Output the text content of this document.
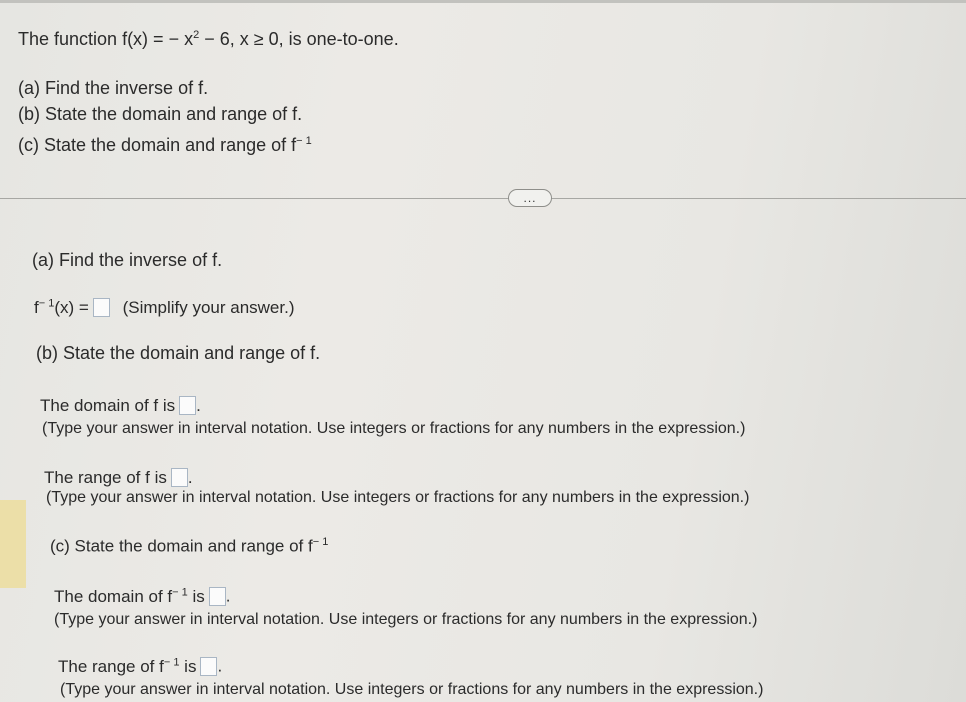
The function f(x) = − $x^2 - 6$, x ≥ 0, is one-to-one.
(a) Find the inverse of f.
(b) State the domain and range of f.
(c) State the domain and range of $f^{- 1}$
...
(a) Find the inverse of f.
$f^{- 1}(x)$ = (Simplify your answer.)
(b) State the domain and range of f.
The domain of f is .
(Type your answer in interval notation. Use integers or fractions for any numbers in the expression.)
The range of f is .
(Type your answer in interval notation. Use integers or fractions for any numbers in the expression.)
(c) State the domain and range of $f^{- 1}$
The domain of $f^{- 1}$ is .
(Type your answer in interval notation. Use integers or fractions for any numbers in the expression.)
The range of $f^{- 1}$ is .
(Type your answer in interval notation. Use integers or fractions for any numbers in the expression.)
